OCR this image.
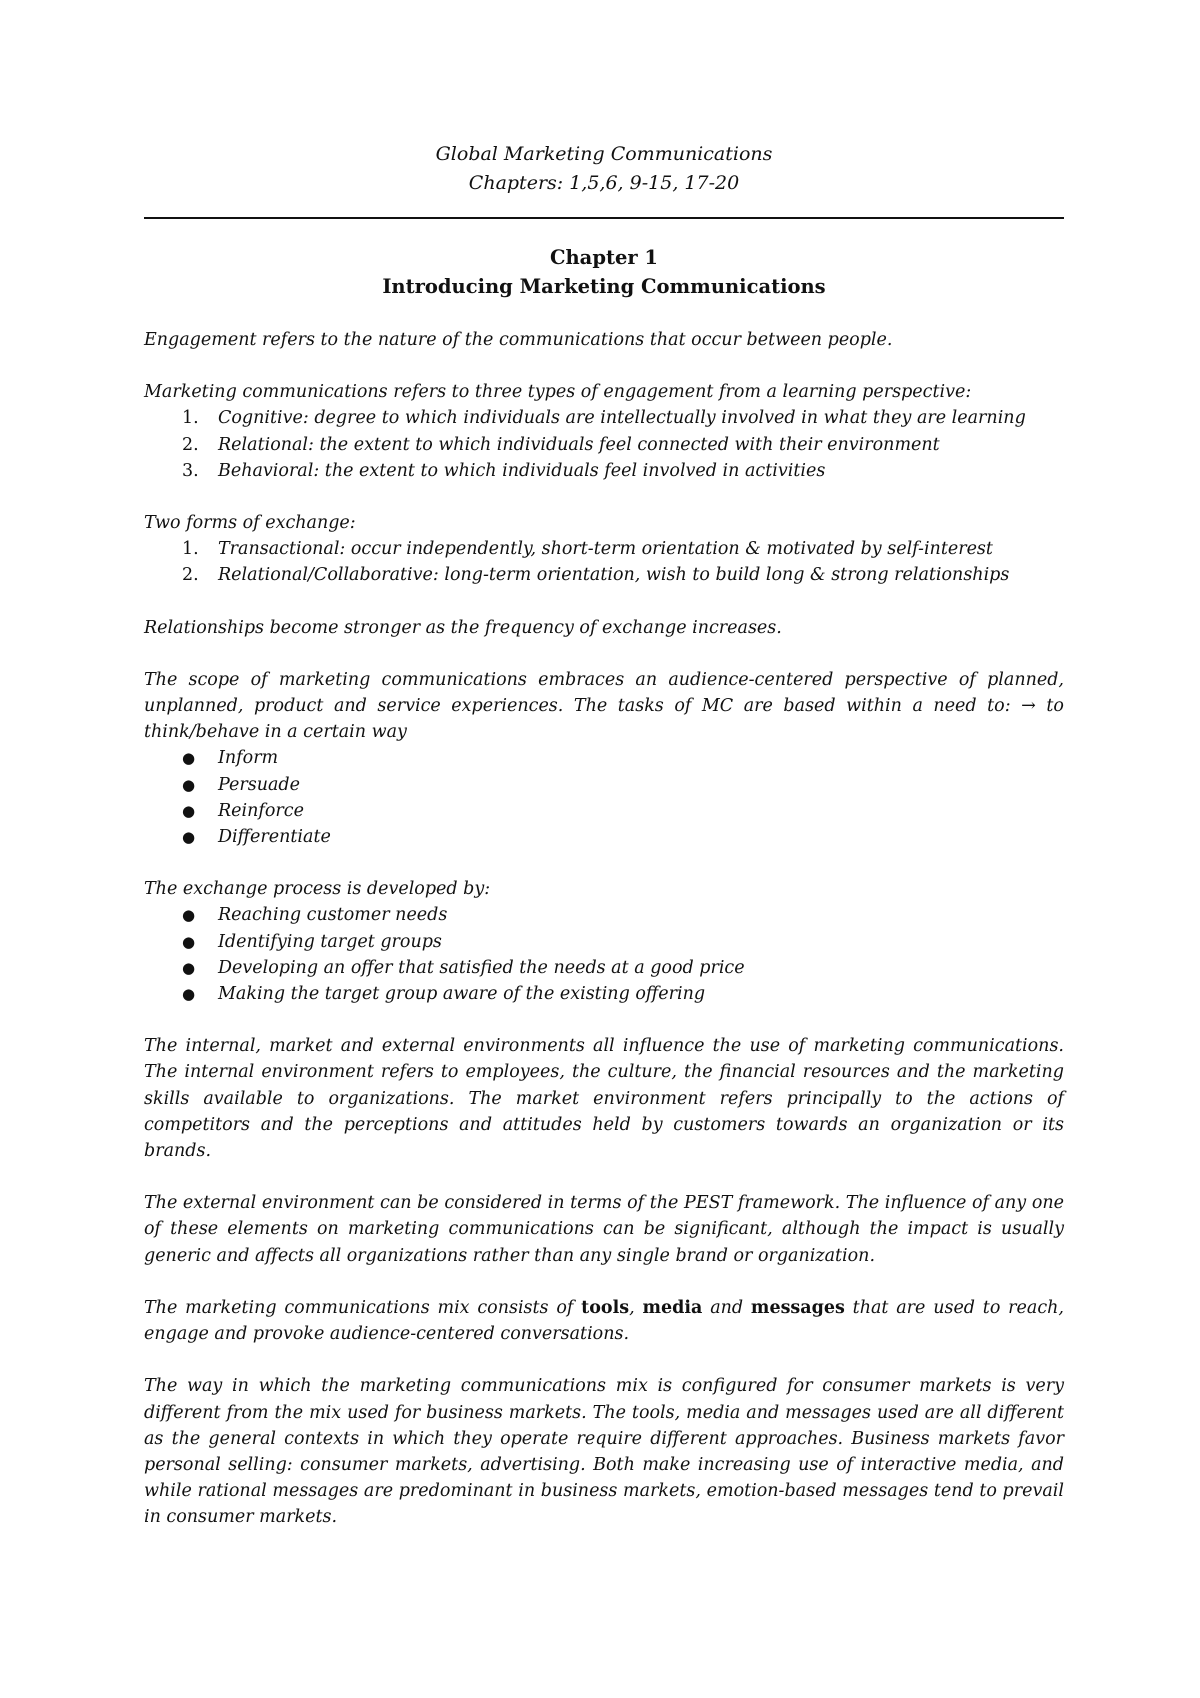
Global Marketing Communications
Chapters: 1,5,6, 9-15, 17-20
Chapter 1
Introducing Marketing Communications

Engagement refers to the nature of the communications that occur between people.

Marketing communications refers to three types of engagement from a learning perspective:

1. Cognitive: degree to which individuals are intellectually involved in what they are learning
2. Relational: the extent to which individuals feel connected with their environment
3. Behavioral: the extent to which individuals feel involved in activities

Two forms of exchange:

1. Transactional: occur independently, short-term orientation & motivated by self-interest
2. Relational/Collaborative: long-term orientation, wish to build long & strong relationships

Relationships become stronger as the frequency of exchange increases.

The scope of marketing communications embraces an audience-centered perspective of planned, unplanned, product and service experiences. The tasks of MC are based within a need to: → to think/behave in a certain way

● Inform
● Persuade
● Reinforce
● Differentiate

The exchange process is developed by:

● Reaching customer needs
● Identifying target groups
● Developing an offer that satisfied the needs at a good price
● Making the target group aware of the existing offering

The internal, market and external environments all influence the use of marketing communications. The internal environment refers to employees, the culture, the financial resources and the marketing skills available to organizations. The market environment refers principally to the actions of competitors and the perceptions and attitudes held by customers towards an organization or its brands.

The external environment can be considered in terms of the PEST framework. The influence of any one of these elements on marketing communications can be significant, although the impact is usually generic and affects all organizations rather than any single brand or organization.

The marketing communications mix consists of tools, media and messages that are used to reach, engage and provoke audience-centered conversations.

The way in which the marketing communications mix is configured for consumer markets is very different from the mix used for business markets. The tools, media and messages used are all different as the general contexts in which they operate require different approaches. Business markets favor personal selling: consumer markets, advertising. Both make increasing use of interactive media, and while rational messages are predominant in business markets, emotion-based messages tend to prevail in consumer markets.
